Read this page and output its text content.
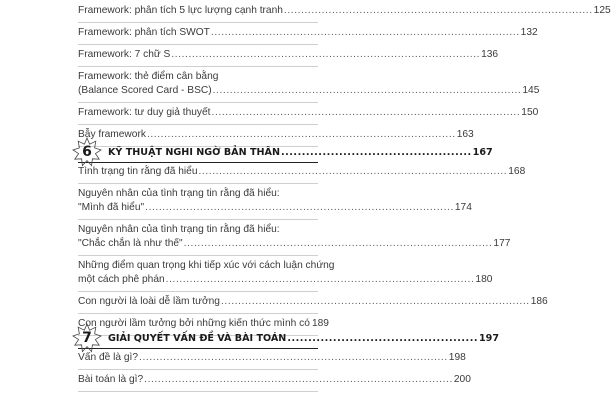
Framework: phân tích 5 lực lượng cạnh tranh .......................................................................................... 125
Framework: phân tích SWOT .......................................................................................... 132
Framework: 7 chữ S .......................................................................................... 136
Framework: thẻ điểm cân bằng
(Balance Scored Card - BSC) .......................................................................................... 145
Framework: tư duy giả thuyết .......................................................................................... 150
Bẫy framework .......................................................................................... 163
6	KỸ THUẬT NGHI NGỜ BẢN THÂN .............................................. 167
Tình trạng tin rằng đã hiểu .......................................................................................... 168
Nguyên nhân của tình trạng tin rằng đã hiểu:
"Mình đã hiểu" .......................................................................................... 174
Nguyên nhân của tình trạng tin rằng đã hiểu:
"Chắc chắn là như thế" .......................................................................................... 177
Những điểm quan trọng khi tiếp xúc với cách luận chứng
một cách phê phán .......................................................................................... 180
Con người là loài dễ lầm tưởng .......................................................................................... 186
Con người lầm tưởng bởi những kiến thức mình có 189
7	GIẢI QUYẾT VẤN ĐỀ VÀ BÀI TOÁN .............................................. 197
Vấn đề là gì? .......................................................................................... 198
Bài toán là gì? .......................................................................................... 200
